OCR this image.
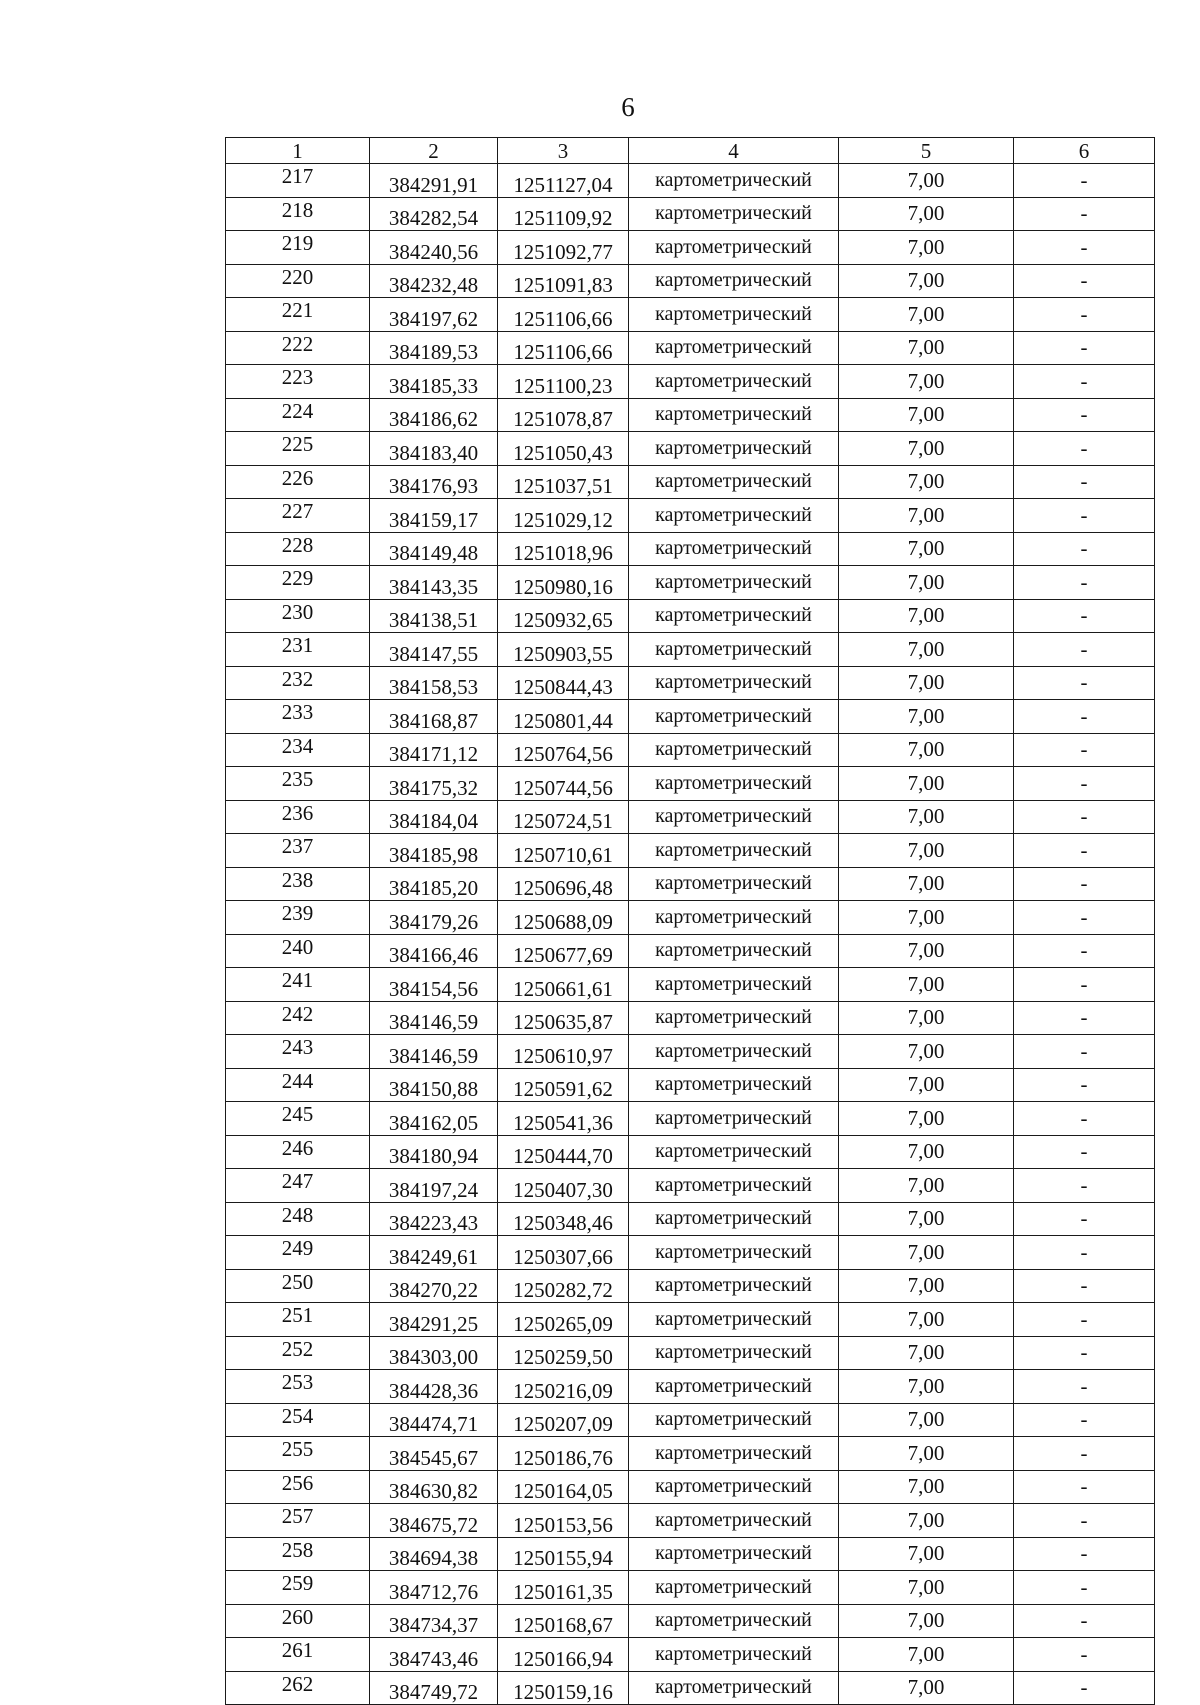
6
1	2	3	4	5	6
217	384291,91	1251127,04	картометрический	7,00	-
218	384282,54	1251109,92	картометрический	7,00	-
219	384240,56	1251092,77	картометрический	7,00	-
220	384232,48	1251091,83	картометрический	7,00	-
221	384197,62	1251106,66	картометрический	7,00	-
222	384189,53	1251106,66	картометрический	7,00	-
223	384185,33	1251100,23	картометрический	7,00	-
224	384186,62	1251078,87	картометрический	7,00	-
225	384183,40	1251050,43	картометрический	7,00	-
226	384176,93	1251037,51	картометрический	7,00	-
227	384159,17	1251029,12	картометрический	7,00	-
228	384149,48	1251018,96	картометрический	7,00	-
229	384143,35	1250980,16	картометрический	7,00	-
230	384138,51	1250932,65	картометрический	7,00	-
231	384147,55	1250903,55	картометрический	7,00	-
232	384158,53	1250844,43	картометрический	7,00	-
233	384168,87	1250801,44	картометрический	7,00	-
234	384171,12	1250764,56	картометрический	7,00	-
235	384175,32	1250744,56	картометрический	7,00	-
236	384184,04	1250724,51	картометрический	7,00	-
237	384185,98	1250710,61	картометрический	7,00	-
238	384185,20	1250696,48	картометрический	7,00	-
239	384179,26	1250688,09	картометрический	7,00	-
240	384166,46	1250677,69	картометрический	7,00	-
241	384154,56	1250661,61	картометрический	7,00	-
242	384146,59	1250635,87	картометрический	7,00	-
243	384146,59	1250610,97	картометрический	7,00	-
244	384150,88	1250591,62	картометрический	7,00	-
245	384162,05	1250541,36	картометрический	7,00	-
246	384180,94	1250444,70	картометрический	7,00	-
247	384197,24	1250407,30	картометрический	7,00	-
248	384223,43	1250348,46	картометрический	7,00	-
249	384249,61	1250307,66	картометрический	7,00	-
250	384270,22	1250282,72	картометрический	7,00	-
251	384291,25	1250265,09	картометрический	7,00	-
252	384303,00	1250259,50	картометрический	7,00	-
253	384428,36	1250216,09	картометрический	7,00	-
254	384474,71	1250207,09	картометрический	7,00	-
255	384545,67	1250186,76	картометрический	7,00	-
256	384630,82	1250164,05	картометрический	7,00	-
257	384675,72	1250153,56	картометрический	7,00	-
258	384694,38	1250155,94	картометрический	7,00	-
259	384712,76	1250161,35	картометрический	7,00	-
260	384734,37	1250168,67	картометрический	7,00	-
261	384743,46	1250166,94	картометрический	7,00	-
262	384749,72	1250159,16	картометрический	7,00	-
